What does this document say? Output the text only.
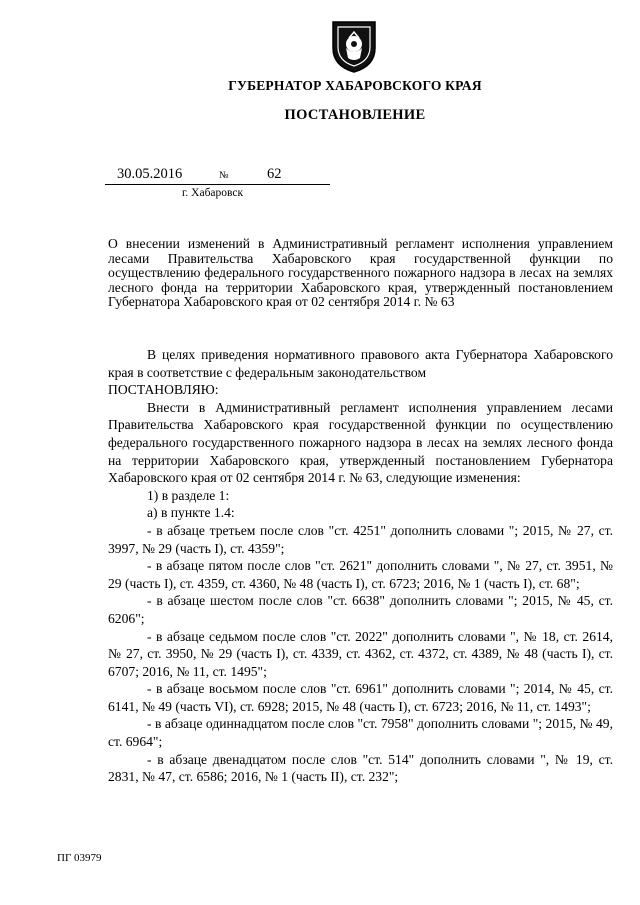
ГУБЕРНАТОР ХАБАРОВСКОГО КРАЯ
ПОСТАНОВЛЕНИЕ
30.05.2016	№	62
г. Хабаровск
О внесении изменений в Административный регламент исполнения управлением лесами Правительства Хабаровского края государственной функции по осуществлению федерального государственного пожарного надзора в лесах на землях лесного фонда на территории Хабаровского края, утвержденный постановлением Губернатора Хабаровского края от 02 сентября 2014 г. № 63

В целях приведения нормативного правового акта Губернатора Хабаровского края в соответствие с федеральным законодательством

ПОСТАНОВЛЯЮ:

Внести в Административный регламент исполнения управлением лесами Правительства Хабаровского края государственной функции по осуществлению федерального государственного пожарного надзора в лесах на землях лесного фонда на территории Хабаровского края, утвержденный постановлением Губернатора Хабаровского края от 02 сентября 2014 г. № 63, следующие изменения:

1) в разделе 1:

а) в пункте 1.4:

- в абзаце третьем после слов "ст. 4251" дополнить словами "; 2015, № 27, ст. 3997, № 29 (часть I), ст. 4359";

- в абзаце пятом после слов "ст. 2621" дополнить словами ", № 27, ст. 3951, № 29 (часть I), ст. 4359, ст. 4360, № 48 (часть I), ст. 6723; 2016, № 1 (часть I), ст. 68";

- в абзаце шестом после слов "ст. 6638" дополнить словами "; 2015, № 45, ст. 6206";

- в абзаце седьмом после слов "ст. 2022" дополнить словами ", № 18, ст. 2614, № 27, ст. 3950, № 29 (часть I), ст. 4339, ст. 4362, ст. 4372, ст. 4389, № 48 (часть I), ст. 6707; 2016, № 11, ст. 1495";

- в абзаце восьмом после слов "ст. 6961" дополнить словами "; 2014, № 45, ст. 6141, № 49 (часть VI), ст. 6928; 2015, № 48 (часть I), ст. 6723; 2016, № 11, ст. 1493";

- в абзаце одиннадцатом после слов "ст. 7958" дополнить словами "; 2015, № 49, ст. 6964";

- в абзаце двенадцатом после слов "ст. 514" дополнить словами ", № 19, ст. 2831, № 47, ст. 6586; 2016, № 1 (часть II), ст. 232";

ПГ 03979
